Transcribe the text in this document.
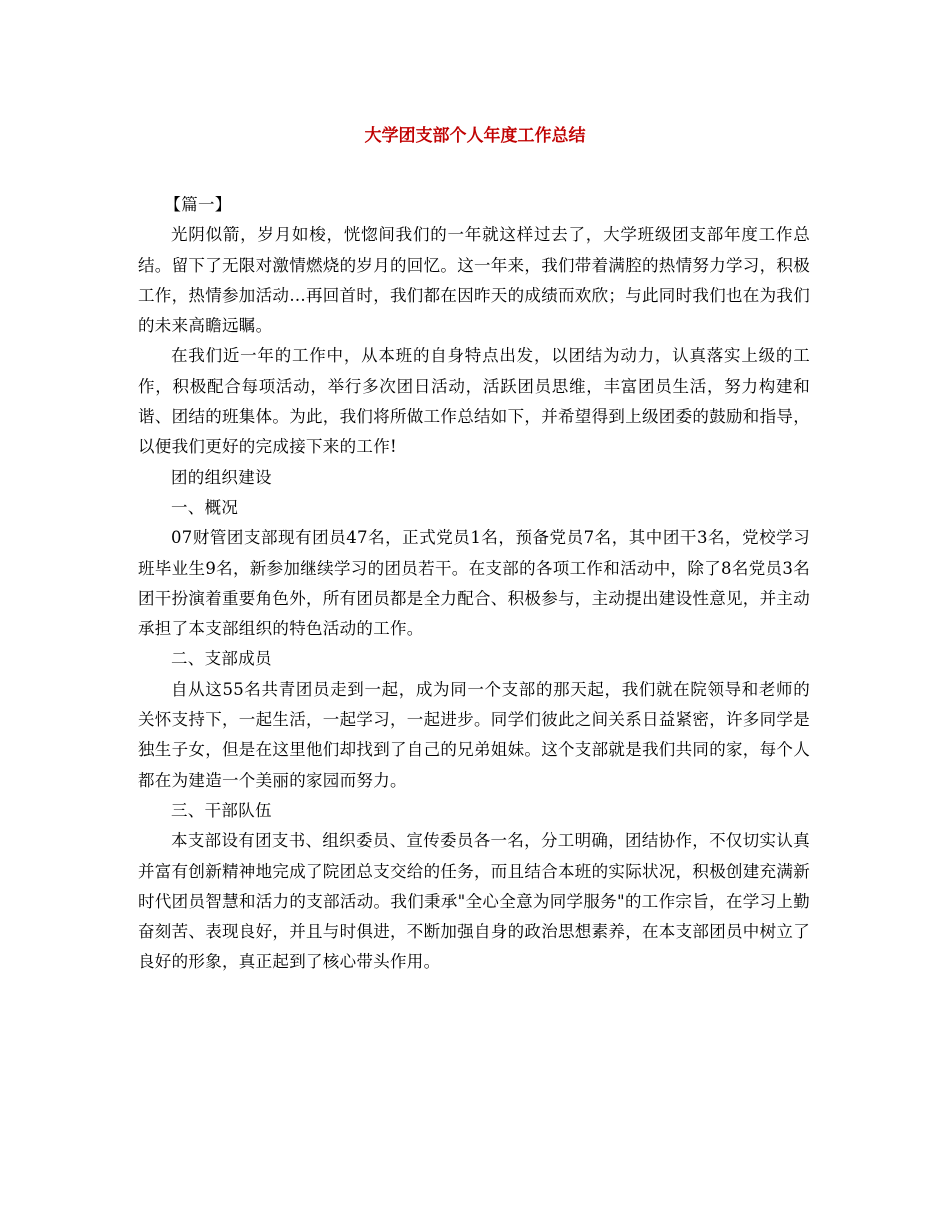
大学团支部个人年度工作总结

【篇一】

光阴似箭，岁月如梭，恍惚间我们的一年就这样过去了，大学班级团支部年度工作总结。留下了无限对激情燃烧的岁月的回忆。这一年来，我们带着满腔的热情努力学习，积极工作，热情参加活动…再回首时，我们都在因昨天的成绩而欢欣；与此同时我们也在为我们的未来高瞻远瞩。

在我们近一年的工作中，从本班的自身特点出发，以团结为动力，认真落实上级的工作，积极配合每项活动，举行多次团日活动，活跃团员思维，丰富团员生活，努力构建和谐、团结的班集体。为此，我们将所做工作总结如下，并希望得到上级团委的鼓励和指导，以便我们更好的完成接下来的工作!

团的组织建设

一、概况

07财管团支部现有团员47名，正式党员1名，预备党员7名，其中团干3名，党校学习班毕业生9名，新参加继续学习的团员若干。在支部的各项工作和活动中，除了8名党员3名团干扮演着重要角色外，所有团员都是全力配合、积极参与，主动提出建设性意见，并主动承担了本支部组织的特色活动的工作。

二、支部成员

自从这55名共青团员走到一起，成为同一个支部的那天起，我们就在院领导和老师的关怀支持下，一起生活，一起学习，一起进步。同学们彼此之间关系日益紧密，许多同学是独生子女，但是在这里他们却找到了自己的兄弟姐妹。这个支部就是我们共同的家，每个人都在为建造一个美丽的家园而努力。

三、干部队伍

本支部设有团支书、组织委员、宣传委员各一名，分工明确，团结协作，不仅切实认真并富有创新精神地完成了院团总支交给的任务，而且结合本班的实际状况，积极创建充满新时代团员智慧和活力的支部活动。我们秉承"全心全意为同学服务"的工作宗旨，在学习上勤奋刻苦、表现良好，并且与时俱进，不断加强自身的政治思想素养，在本支部团员中树立了良好的形象，真正起到了核心带头作用。
